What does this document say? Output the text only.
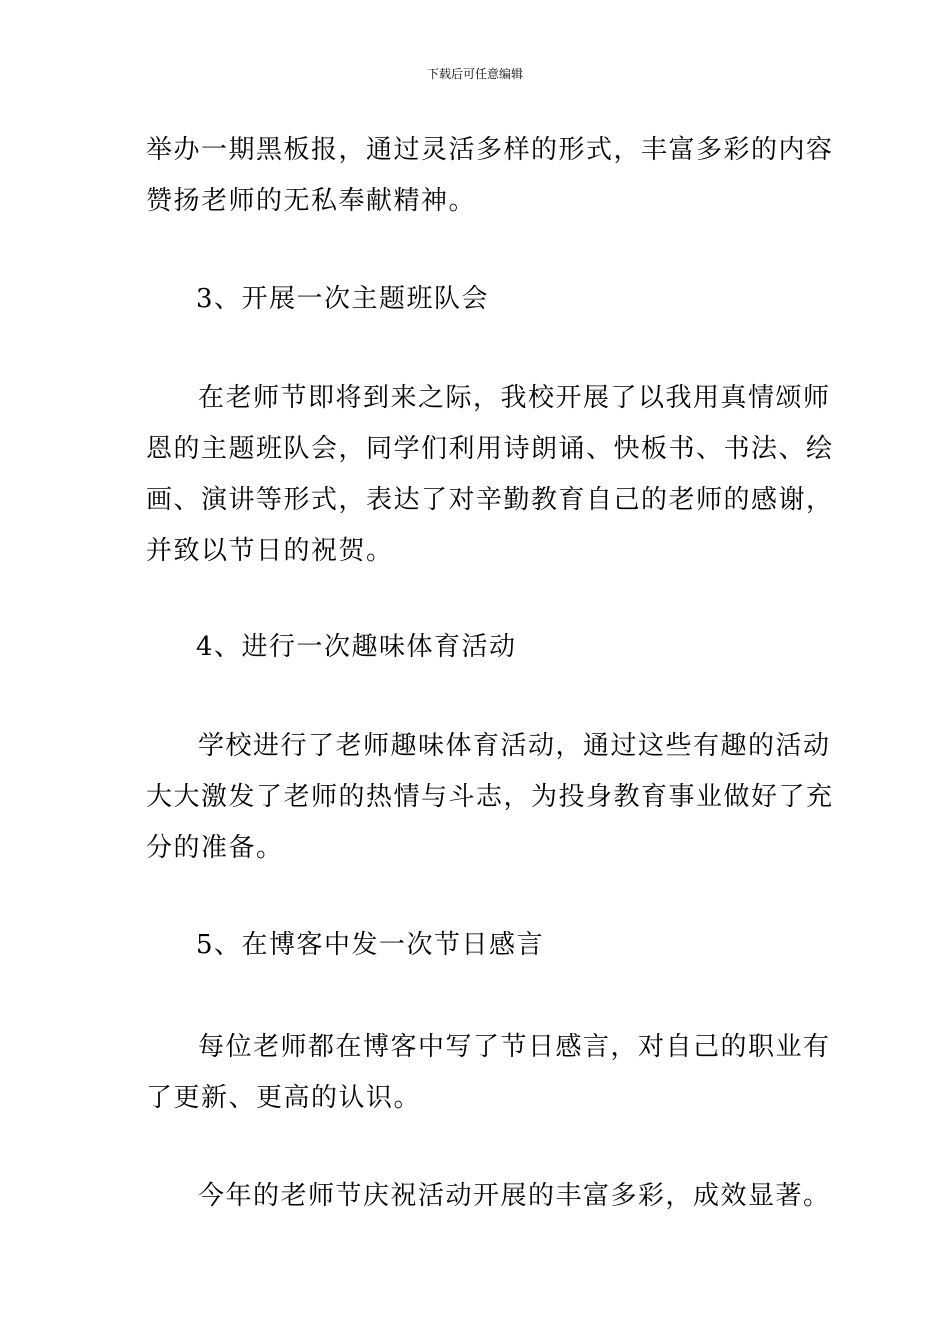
下载后可任意编辑

举办一期黑板报，通过灵活多样的形式，丰富多彩的内容
赞扬老师的无私奉献精神。

3、开展一次主题班队会

在老师节即将到来之际，我校开展了以我用真情颂师
恩的主题班队会，同学们利用诗朗诵、快板书、书法、绘
画、演讲等形式，表达了对辛勤教育自己的老师的感谢，
并致以节日的祝贺。

4、进行一次趣味体育活动

学校进行了老师趣味体育活动，通过这些有趣的活动
大大激发了老师的热情与斗志，为投身教育事业做好了充
分的准备。

5、在博客中发一次节日感言

每位老师都在博客中写了节日感言，对自己的职业有
了更新、更高的认识。

今年的老师节庆祝活动开展的丰富多彩，成效显著。
